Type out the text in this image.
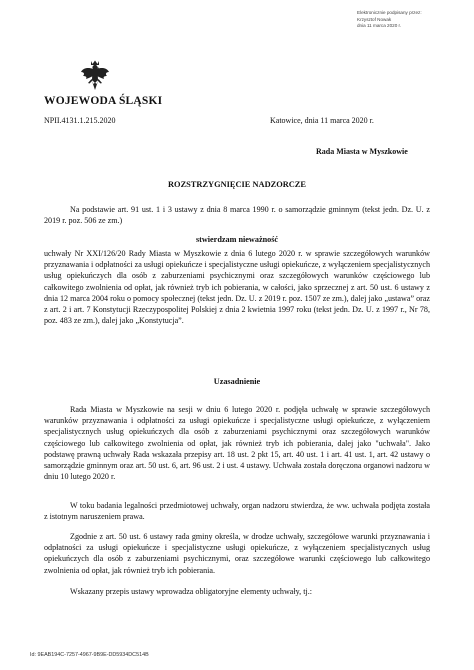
Elektronicznie podpisany przez:
Krzysztof Nowak
dnia 11 marca 2020 r.
WOJEWODA ŚLĄSKI
NPII.4131.1.215.2020	Katowice, dnia 11 marca 2020 r.
Rada Miasta w Myszkowie
ROZSTRZYGNIĘCIE NADZORCZE
Na podstawie art. 91 ust. 1 i 3 ustawy z dnia 8 marca 1990 r. o samorządzie gminnym (tekst jedn. Dz. U. z 2019 r. poz. 506 ze zm.)
stwierdzam nieważność
uchwały Nr XXI/126/20 Rady Miasta w Myszkowie z dnia 6 lutego 2020 r. w sprawie szczegółowych warunków przyznawania i odpłatności za usługi opiekuńcze i specjalistyczne usługi opiekuńcze, z wyłączeniem specjalistycznych usług opiekuńczych dla osób z zaburzeniami psychicznymi oraz szczegółowych warunków częściowego lub całkowitego zwolnienia od opłat, jak również tryb ich pobierania, w całości, jako sprzecznej z art. 50 ust. 6 ustawy z dnia 12 marca 2004 roku o pomocy społecznej (tekst jedn. Dz. U. z 2019 r. poz. 1507 ze zm.), dalej jako „ustawa” oraz z art. 2 i art. 7 Konstytucji Rzeczypospolitej Polskiej z dnia 2 kwietnia 1997 roku (tekst jedn. Dz. U. z 1997 r., Nr 78, poz. 483 ze zm.), dalej jako „Konstytucja”.
Uzasadnienie
Rada Miasta w Myszkowie na sesji w dniu 6 lutego 2020 r. podjęła uchwałę w sprawie szczegółowych warunków przyznawania i odpłatności za usługi opiekuńcze i specjalistyczne usługi opiekuńcze, z wyłączeniem specjalistycznych usług opiekuńczych dla osób z zaburzeniami psychicznymi oraz szczegółowych warunków częściowego lub całkowitego zwolnienia od opłat, jak również tryb ich pobierania, dalej jako "uchwała". Jako podstawę prawną uchwały Rada wskazała przepisy art. 18 ust. 2 pkt 15, art. 40 ust. 1 i art. 41 ust. 1, art. 42 ustawy o samorządzie gminnym oraz art. 50 ust. 6, art. 96 ust. 2 i ust. 4 ustawy. Uchwała została doręczona organowi nadzoru w dniu 10 lutego 2020 r.
W toku badania legalności przedmiotowej uchwały, organ nadzoru stwierdza, że ww. uchwała podjęta została z istotnym naruszeniem prawa.
Zgodnie z art. 50 ust. 6 ustawy rada gminy określa, w drodze uchwały, szczegółowe warunki przyznawania i odpłatności za usługi opiekuńcze i specjalistyczne usługi opiekuńcze, z wyłączeniem specjalistycznych usług opiekuńczych dla osób z zaburzeniami psychicznymi, oraz szczegółowe warunki częściowego lub całkowitego zwolnienia od opłat, jak również tryb ich pobierania.
Wskazany przepis ustawy wprowadza obligatoryjne elementy uchwały, tj.:
Id: 9EAB194C-7257-4967-9B9E-DD5934DC514B
